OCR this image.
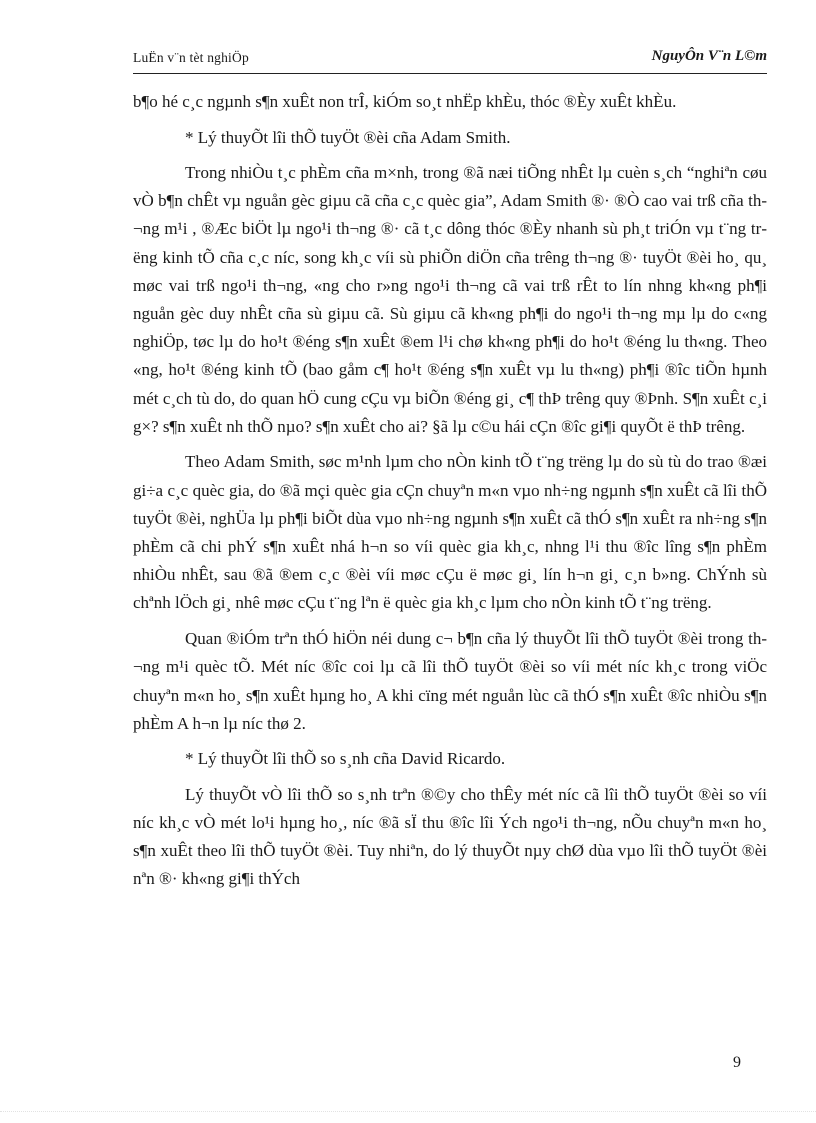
LuËn v¨n tèt nghiÖp	NguyÔn V¨n L©m

b¶o hé c¸c ngµnh s¶n xuÊt non trÎ, kiÓm so¸t nhËp khÈu, thóc ®Èy xuÊt khÈu.

* Lý thuyÕt lîi thÕ tuyÖt ®èi cña Adam Smith.

Trong nhiÒu t¸c phÈm cña m×nh, trong ®ã næi tiÕng nhÊt lµ cuèn s¸ch “nghiªn cøu vÒ b¶n chÊt vµ nguån gèc giµu cã cña c¸c quèc gia”, Adam Smith ®· ®Ò cao vai trß cña th¬ng m¹i , ®Æc biÖt lµ ngo¹i th¬ng ®· cã t¸c dông thóc ®Èy nhanh sù ph¸t triÓn vµ t¨ng trëng kinh tÕ cña c¸c níc, song kh¸c víi sù phiÕn diÖn cña trêng th¬ng ®· tuyÖt ®èi ho¸ qu¸ møc vai trß ngo¹i th¬ng, «ng cho r»ng ngo¹i th¬ng cã vai trß rÊt to lín nhng kh«ng ph¶i nguån gèc duy nhÊt cña sù giµu cã. Sù giµu cã kh«ng ph¶i do ngo¹i th¬ng mµ lµ do c«ng nghiÖp, tøc lµ do ho¹t ®éng s¶n xuÊt ®em l¹i chø kh«ng ph¶i do ho¹t ®éng lu th«ng. Theo «ng, ho¹t ®éng kinh tÕ (bao gåm c¶ ho¹t ®éng s¶n xuÊt vµ lu th«ng) ph¶i ®îc tiÕn hµnh mét c¸ch tù do, do quan hÖ cung cÇu vµ biÕn ®éng gi¸ c¶ thÞ trêng quy ®Þnh. S¶n xuÊt c¸i g×? s¶n xuÊt nh thÕ nµo? s¶n xuÊt cho ai? §ã lµ c©u hái cÇn ®îc gi¶i quyÕt ë thÞ trêng.

Theo Adam Smith, søc m¹nh lµm cho nÒn kinh tÕ t¨ng trëng lµ do sù tù do trao ®æi gi÷a c¸c quèc gia, do ®ã mçi quèc gia cÇn chuyªn m«n vµo nh÷ng ngµnh s¶n xuÊt cã lîi thÕ tuyÖt ®èi, nghÜa lµ ph¶i biÕt dùa vµo nh÷ng ngµnh s¶n xuÊt cã thÓ s¶n xuÊt ra nh÷ng s¶n phÈm cã chi phÝ s¶n xuÊt nhá h¬n so víi quèc gia kh¸c, nhng l¹i thu ®îc lîng s¶n phÈm nhiÒu nhÊt, sau ®ã ®em c¸c ®èi víi møc cÇu ë møc gi¸ lín h¬n gi¸ c¸n b»ng. ChÝnh sù chªnh lÖch gi¸ nhê møc cÇu t¨ng lªn ë quèc gia kh¸c lµm cho nÒn kinh tÕ t¨ng trëng.

Quan ®iÓm trªn thÓ hiÖn néi dung c¬ b¶n cña lý thuyÕt lîi thÕ tuyÖt ®èi trong th¬ng m¹i quèc tÕ. Mét níc ®îc coi lµ cã lîi thÕ tuyÖt ®èi so víi mét níc kh¸c trong viÖc chuyªn m«n ho¸ s¶n xuÊt hµng ho¸ A khi cïng mét nguån lùc cã thÓ s¶n xuÊt ®îc nhiÒu s¶n phÈm A h¬n lµ níc thø 2.

* Lý thuyÕt lîi thÕ so s¸nh cña David Ricardo.

Lý thuyÕt vÒ lîi thÕ so s¸nh trªn ®©y cho thÊy mét níc cã lîi thÕ tuyÖt ®èi so víi níc kh¸c vÒ mét lo¹i hµng ho¸, níc ®ã sÏ thu ®îc lîi Ých ngo¹i th¬ng, nÕu chuyªn m«n ho¸ s¶n xuÊt theo lîi thÕ tuyÖt ®èi. Tuy nhiªn, do lý thuyÕt nµy chØ dùa vµo lîi thÕ tuyÖt ®èi nªn ®· kh«ng gi¶i thÝch

9
